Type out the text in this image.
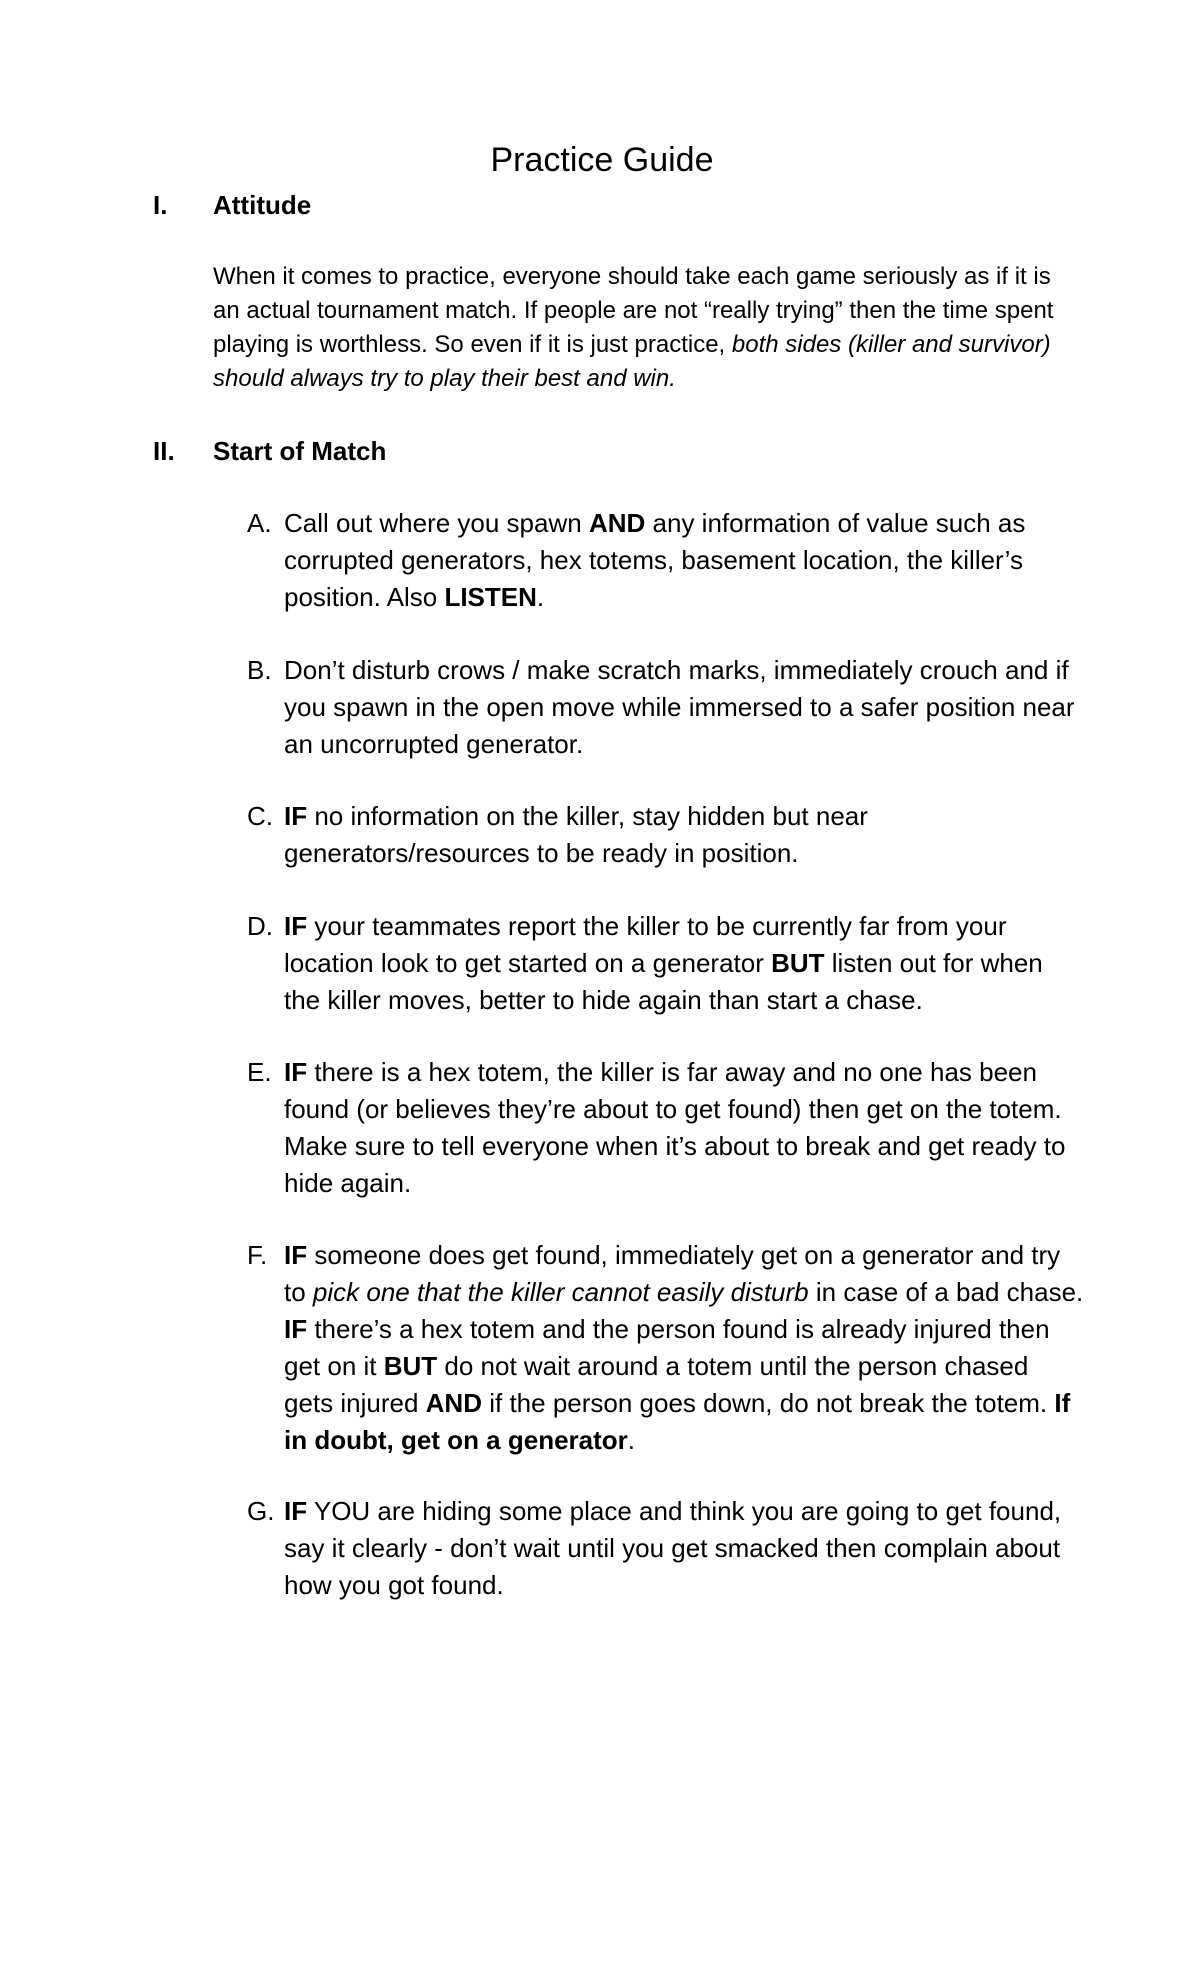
Practice Guide
I. Attitude
When it comes to practice, everyone should take each game seriously as if it is an actual tournament match. If people are not “really trying” then the time spent playing is worthless. So even if it is just practice, both sides (killer and survivor) should always try to play their best and win.
II. Start of Match
A. Call out where you spawn AND any information of value such as corrupted generators, hex totems, basement location, the killer’s position. Also LISTEN.
B. Don’t disturb crows / make scratch marks, immediately crouch and if you spawn in the open move while immersed to a safer position near an uncorrupted generator.
C. IF no information on the killer, stay hidden but near generators/resources to be ready in position.
D. IF your teammates report the killer to be currently far from your location look to get started on a generator BUT listen out for when the killer moves, better to hide again than start a chase.
E. IF there is a hex totem, the killer is far away and no one has been found (or believes they’re about to get found) then get on the totem. Make sure to tell everyone when it’s about to break and get ready to hide again.
F. IF someone does get found, immediately get on a generator and try to pick one that the killer cannot easily disturb in case of a bad chase. IF there’s a hex totem and the person found is already injured then get on it BUT do not wait around a totem until the person chased gets injured AND if the person goes down, do not break the totem. If in doubt, get on a generator.
G. IF YOU are hiding some place and think you are going to get found, say it clearly - don’t wait until you get smacked then complain about how you got found.
